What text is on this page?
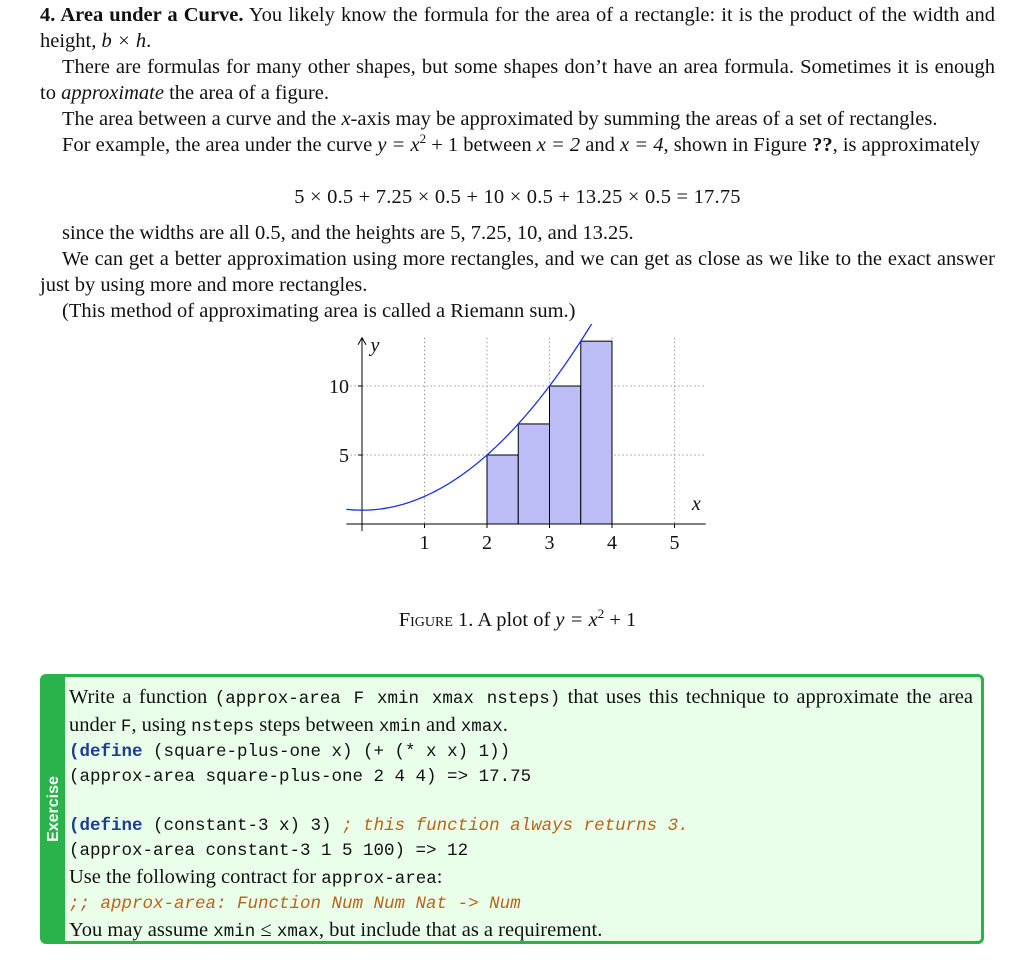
4. Area under a Curve. You likely know the formula for the area of a rectangle: it is the product of the width and height, b × h.

There are formulas for many other shapes, but some shapes don’t have an area formula. Sometimes it is enough to approximate the area of a figure.

The area between a curve and the x-axis may be approximated by summing the areas of a set of rectangles.

For example, the area under the curve $y = x^2 + 1$ between x = 2 and x = 4, shown in Figure ??, is approximately

5 × 0.5 + 7.25 × 0.5 + 10 × 0.5 + 13.25 × 0.5 = 17.75

since the widths are all 0.5, and the heights are 5, 7.25, 10, and 13.25.

We can get a better approximation using more rectangles, and we can get as close as we like to the exact answer just by using more and more rectangles.

(This method of approximating area is called a Riemann sum.)

1	2	3	4	5
5
10
x
y
Figure 1. A plot of $y = x^2 + 1$
Exercise

Write a function (approx-area F xmin xmax nsteps) that uses this technique to approximate the area under F, using nsteps steps between xmin and xmax.

(define (square-plus-one x) (+ (* x x) 1))
(approx-area square-plus-one 2 4 4) => 17.75
(define (constant-3 x) 3) ; this function always returns 3.
(approx-area constant-3 1 5 100) => 12

Use the following contract for approx-area:

;; approx-area: Function Num Num Nat -> Num

You may assume xmin ≤ xmax, but include that as a requirement.
